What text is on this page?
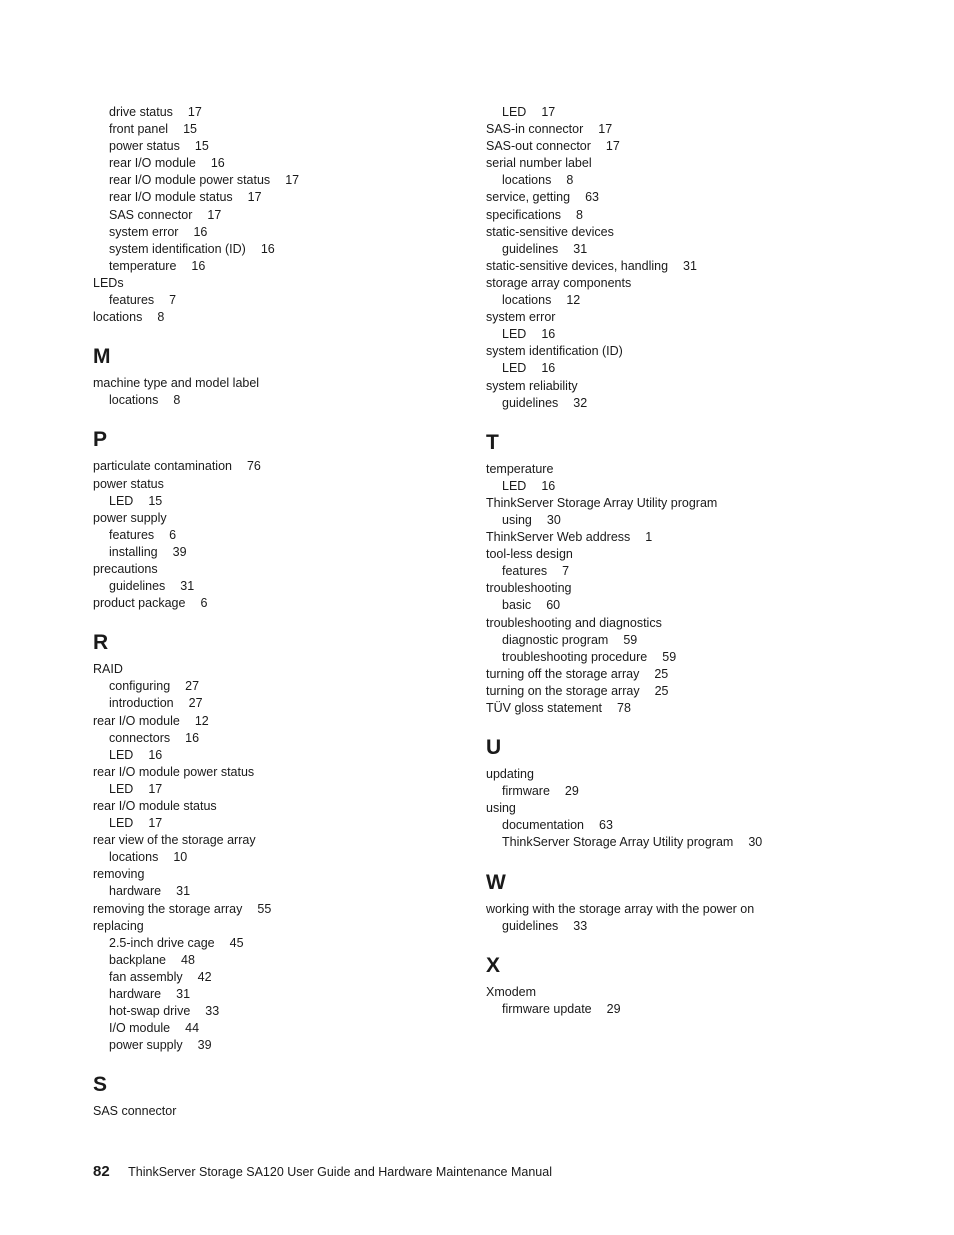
drive status 17
front panel 15
power status 15
rear I/O module 16
rear I/O module power status 17
rear I/O module status 17
SAS connector 17
system error 16
system identification (ID) 16
temperature 16
LEDs
features 7
locations 8
M
machine type and model label
locations 8
P
particulate contamination 76
power status
LED 15
power supply
features 6
installing 39
precautions
guidelines 31
product package 6
R
RAID
configuring 27
introduction 27
rear I/O module 12
connectors 16
LED 16
rear I/O module power status
LED 17
rear I/O module status
LED 17
rear view of the storage array
locations 10
removing
hardware 31
removing the storage array 55
replacing
2.5-inch drive cage 45
backplane 48
fan assembly 42
hardware 31
hot-swap drive 33
I/O module 44
power supply 39
S
SAS connector
LED 17
SAS-in connector 17
SAS-out connector 17
serial number label
locations 8
service, getting 63
specifications 8
static-sensitive devices
guidelines 31
static-sensitive devices, handling 31
storage array components
locations 12
system error
LED 16
system identification (ID)
LED 16
system reliability
guidelines 32
T
temperature
LED 16
ThinkServer Storage Array Utility program
using 30
ThinkServer Web address 1
tool-less design
features 7
troubleshooting
basic 60
troubleshooting and diagnostics
diagnostic program 59
troubleshooting procedure 59
turning off the storage array 25
turning on the storage array 25
TÜV gloss statement 78
U
updating
firmware 29
using
documentation 63
ThinkServer Storage Array Utility program 30
W
working with the storage array with the power on
guidelines 33
X
Xmodem
firmware update 29
82 ThinkServer Storage SA120 User Guide and Hardware Maintenance Manual
